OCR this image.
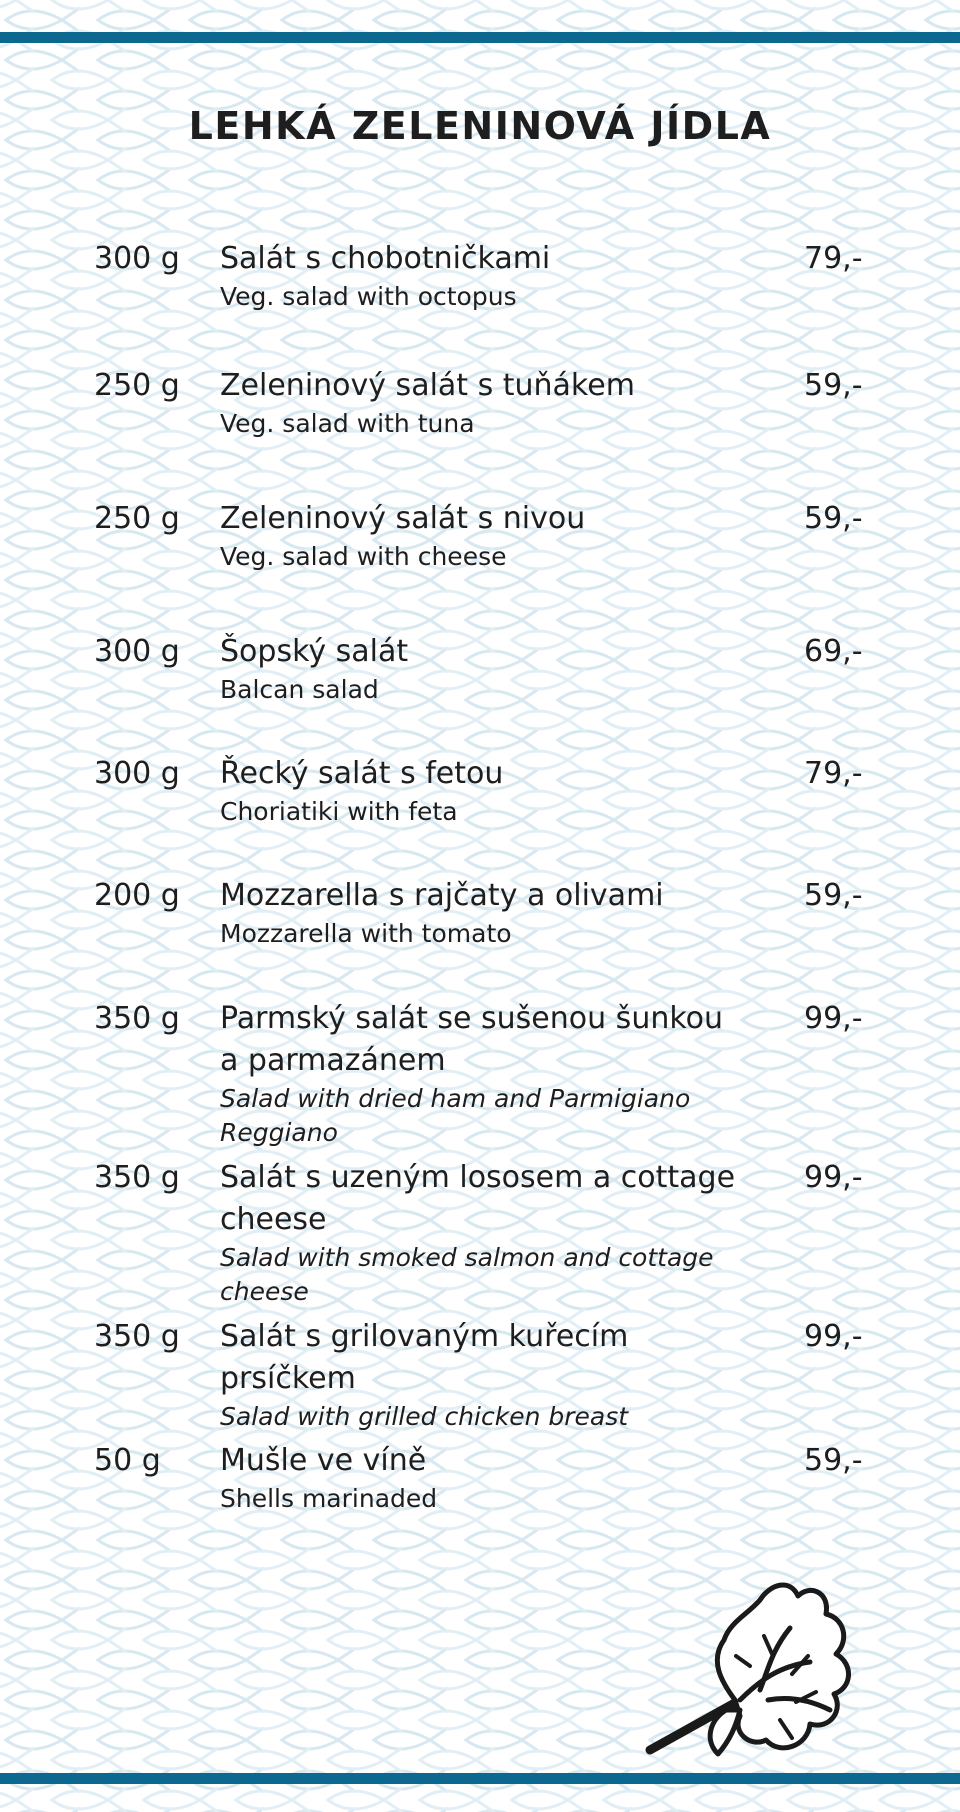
LEHKÁ ZELENINOVÁ JÍDLA
300 g Salát s chobotničkami
Veg. salad with octopus
79,-
250 g Zeleninový salát s tuňákem
Veg. salad with tuna
59,-
250 g Zeleninový salát s nivou
Veg. salad with cheese
59,-
300 g Šopský salát
Balcan salad
69,-
300 g Řecký salát s fetou
Choriatiki with feta
79,-
200 g Mozzarella s rajčaty a olivami
Mozzarella with tomato
59,-
350 g Parmský salát se sušenou šunkou
a parmazánem
Salad with dried ham and Parmigiano Reggiano
99,-
350 g Salát s uzeným lososem a cottage
cheese
Salad with smoked salmon and cottage cheese
99,-
350 g Salát s grilovaným kuřecím prsíčkem
Salad with grilled chicken breast
99,-
50 g Mušle ve víně
Shells marinaded
59,-
